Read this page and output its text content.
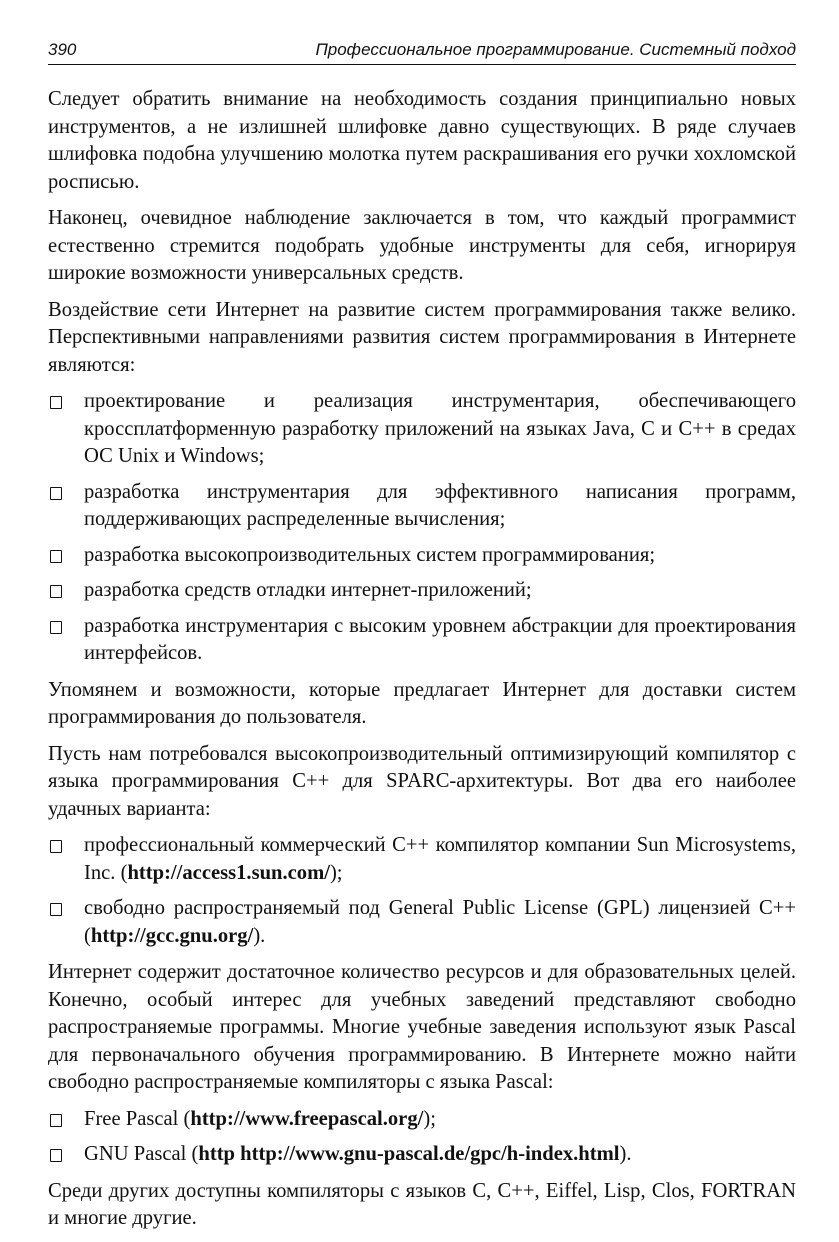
390	Профессиональное программирование. Системный подход

Следует обратить внимание на необходимость создания принципиально новых инструментов, а не излишней шлифовке давно существующих. В ряде случаев шлифовка подобна улучшению молотка путем раскрашивания его ручки хохломской росписью.

Наконец, очевидное наблюдение заключается в том, что каждый программист естественно стремится подобрать удобные инструменты для себя, игнорируя широкие возможности универсальных средств.

Воздействие сети Интернет на развитие систем программирования также велико. Перспективными направлениями развития систем программирования в Интернете являются:

проектирование и реализация инструментария, обеспечивающего кроссплатформенную разработку приложений на языках Java, C и C++ в средах ОС Unix и Windows;
разработка инструментария для эффективного написания программ, поддерживающих распределенные вычисления;
разработка высокопроизводительных систем программирования;
разработка средств отладки интернет-приложений;
разработка инструментария с высоким уровнем абстракции для проектирования интерфейсов.

Упомянем и возможности, которые предлагает Интернет для доставки систем программирования до пользователя.

Пусть нам потребовался высокопроизводительный оптимизирующий компилятор с языка программирования C++ для SPARC-архитектуры. Вот два его наиболее удачных варианта:

профессиональный коммерческий C++ компилятор компании Sun Microsystems, Inc. (http://access1.sun.com/);
свободно распространяемый под General Public License (GPL) лицензией C++ (http://gcc.gnu.org/).

Интернет содержит достаточное количество ресурсов и для образовательных целей. Конечно, особый интерес для учебных заведений представляют свободно распространяемые программы. Многие учебные заведения используют язык Pascal для первоначального обучения программированию. В Интернете можно найти свободно распространяемые компиляторы с языка Pascal:

Free Pascal (http://www.freepascal.org/);
GNU Pascal (http http://www.gnu-pascal.de/gpc/h-index.html).

Среди других доступны компиляторы с языков C, C++, Eiffel, Lisp, Clos, FORTRAN и многие другие.
